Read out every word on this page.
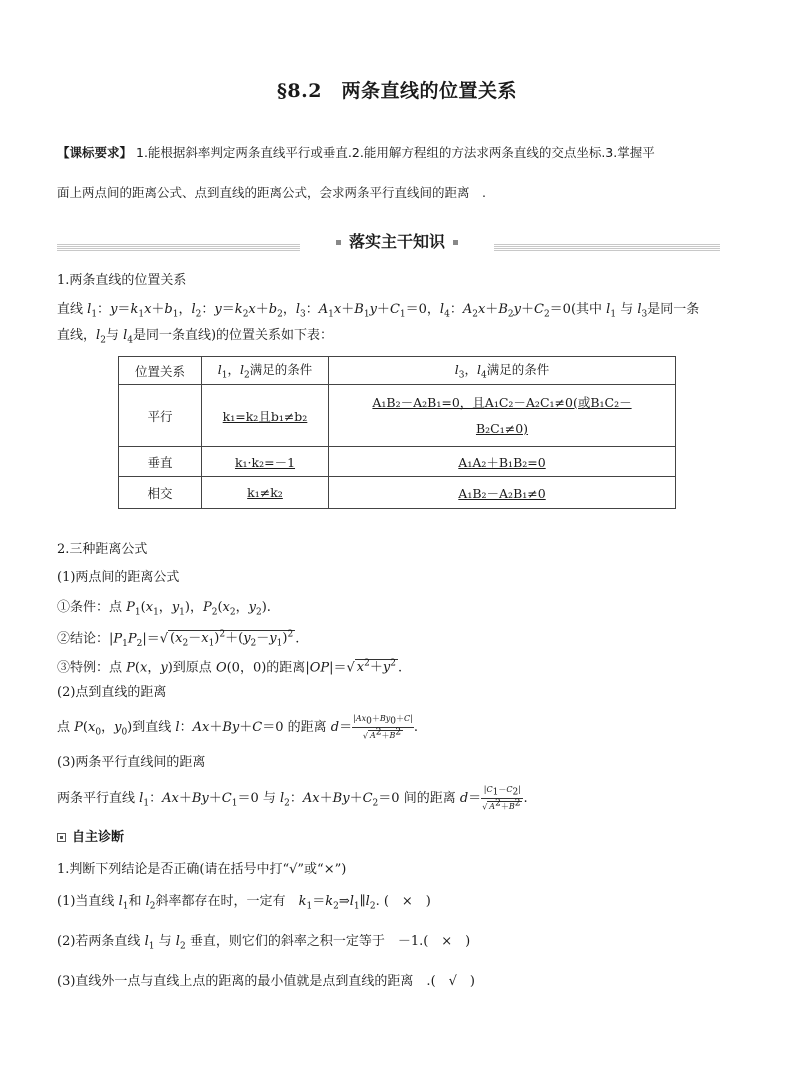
§8.2　两条直线的位置关系
【课标要求】 1.能根据斜率判定两条直线平行或垂直.2.能用解方程组的方法求两条直线的交点坐标.3.掌握平
面上两点间的距离公式、点到直线的距离公式，会求两条平行直线间的距离　.
落实主干知识
1.两条直线的位置关系
直线 $l_1$：$y=k_1x+b_1$，$l_2$：$y=k_2x+b_2$，$l_3$：$A_1x+B_1y+C_1=0$，$l_4$：$A_2x+B_2y+C_2=0$(其中 $l_1$ 与 $l_3$是同一条
直线，$l_2$与 $l_4$是同一条直线)的位置关系如下表：
位置关系	$l_1$，$l_2$满足的条件	$l_3$，$l_4$满足的条件
平行	k₁=k₂且b₁≠b₂	A₁B₂－A₂B₁=0，且A₁C₂－A₂C₁≠0(或B₁C₂－
B₂C₁≠0)

垂直	k₁·k₂=－1	A₁A₂＋B₁B₂=0
相交	k₁≠k₂	A₁B₂－A₂B₁≠0
2.三种距离公式
(1)两点间的距离公式
①条件：点 $P_1(x_1$，$y_1$)，$P_2(x_2$，$y_2$).
②结论：$|P_1P_2|=√$ $(x_2-x_1)^2+(y_2-y_1)^2$ .
③特例：点 P(x，y)到原点 O(0，0)的距离|OP|＝√ $x^2+y^2$ .
(2)点到直线的距离
点 $P(x_0$，$y_0$)到直线 l：Ax＋By＋C＝0 的距离 $d= \frac{|Ax_0+By_0+C|}{√ A^2+B^2}$ .
(3)两条平行直线间的距离
两条平行直线 $l_1$：$Ax+By+C_1=0$ 与 $l_2$：$Ax+By+C_2=0$ 间的距离 $d= \frac{|C_1-C_2|}{√ A^2+B^2}$ .
自主诊断
1.判断下列结论是否正确(请在括号中打“√”或“×”)
(1)当直线 $l_1$和 $l_2$斜率都存在时，一定有　 $k_1=k_2\Rightarrow l_1\parallel l_2$. (　×　)
(2)若两条直线 $l_1$ 与 $l_2$ 垂直，则它们的斜率之积一定等于　－1.(　×　)
(3)直线外一点与直线上点的距离的最小值就是点到直线的距离　.(　√　)
